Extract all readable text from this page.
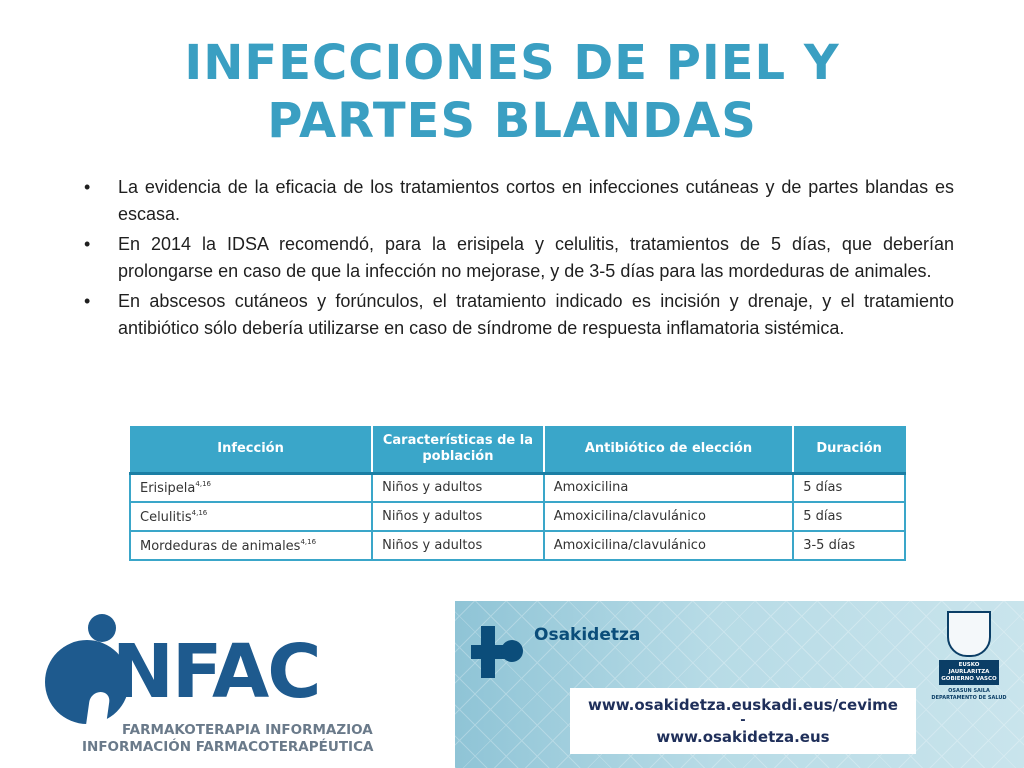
INFECCIONES DE PIEL Y
PARTES BLANDAS
• La evidencia de la eficacia de los tratamientos cortos en infecciones cutáneas y de partes blandas es escasa.
• En 2014 la IDSA recomendó, para la erisipela y celulitis, tratamientos de 5 días, que deberían prolongarse en caso de que la infección no mejorase, y de 3-5 días para las mordeduras de animales.
• En abscesos cutáneos y forúnculos, el tratamiento indicado es incisión y drenaje, y el tratamiento antibiótico sólo debería utilizarse en caso de síndrome de respuesta inflamatoria sistémica.
Infección	Características de la población	Antibiótico de elección	Duración
Erisipela$^{4,16}$	Niños y adultos	Amoxicilina	5 días
Celulitis$^{4,16}$	Niños y adultos	Amoxicilina/clavulánico	5 días
Mordeduras de animales$^{4,16}$	Niños y adultos	Amoxicilina/clavulánico	3-5 días
NFAC
FARMAKOTERAPIA INFORMAZIOA
INFORMACIÓN FARMACOTERAPÉUTICA
Osakidetza
www.osakidetza.euskadi.eus/cevime
-
www.osakidetza.eus
EUSKO JAURLARITZA
GOBIERNO VASCO
OSASUN SAILA
DEPARTAMENTO DE SALUD
